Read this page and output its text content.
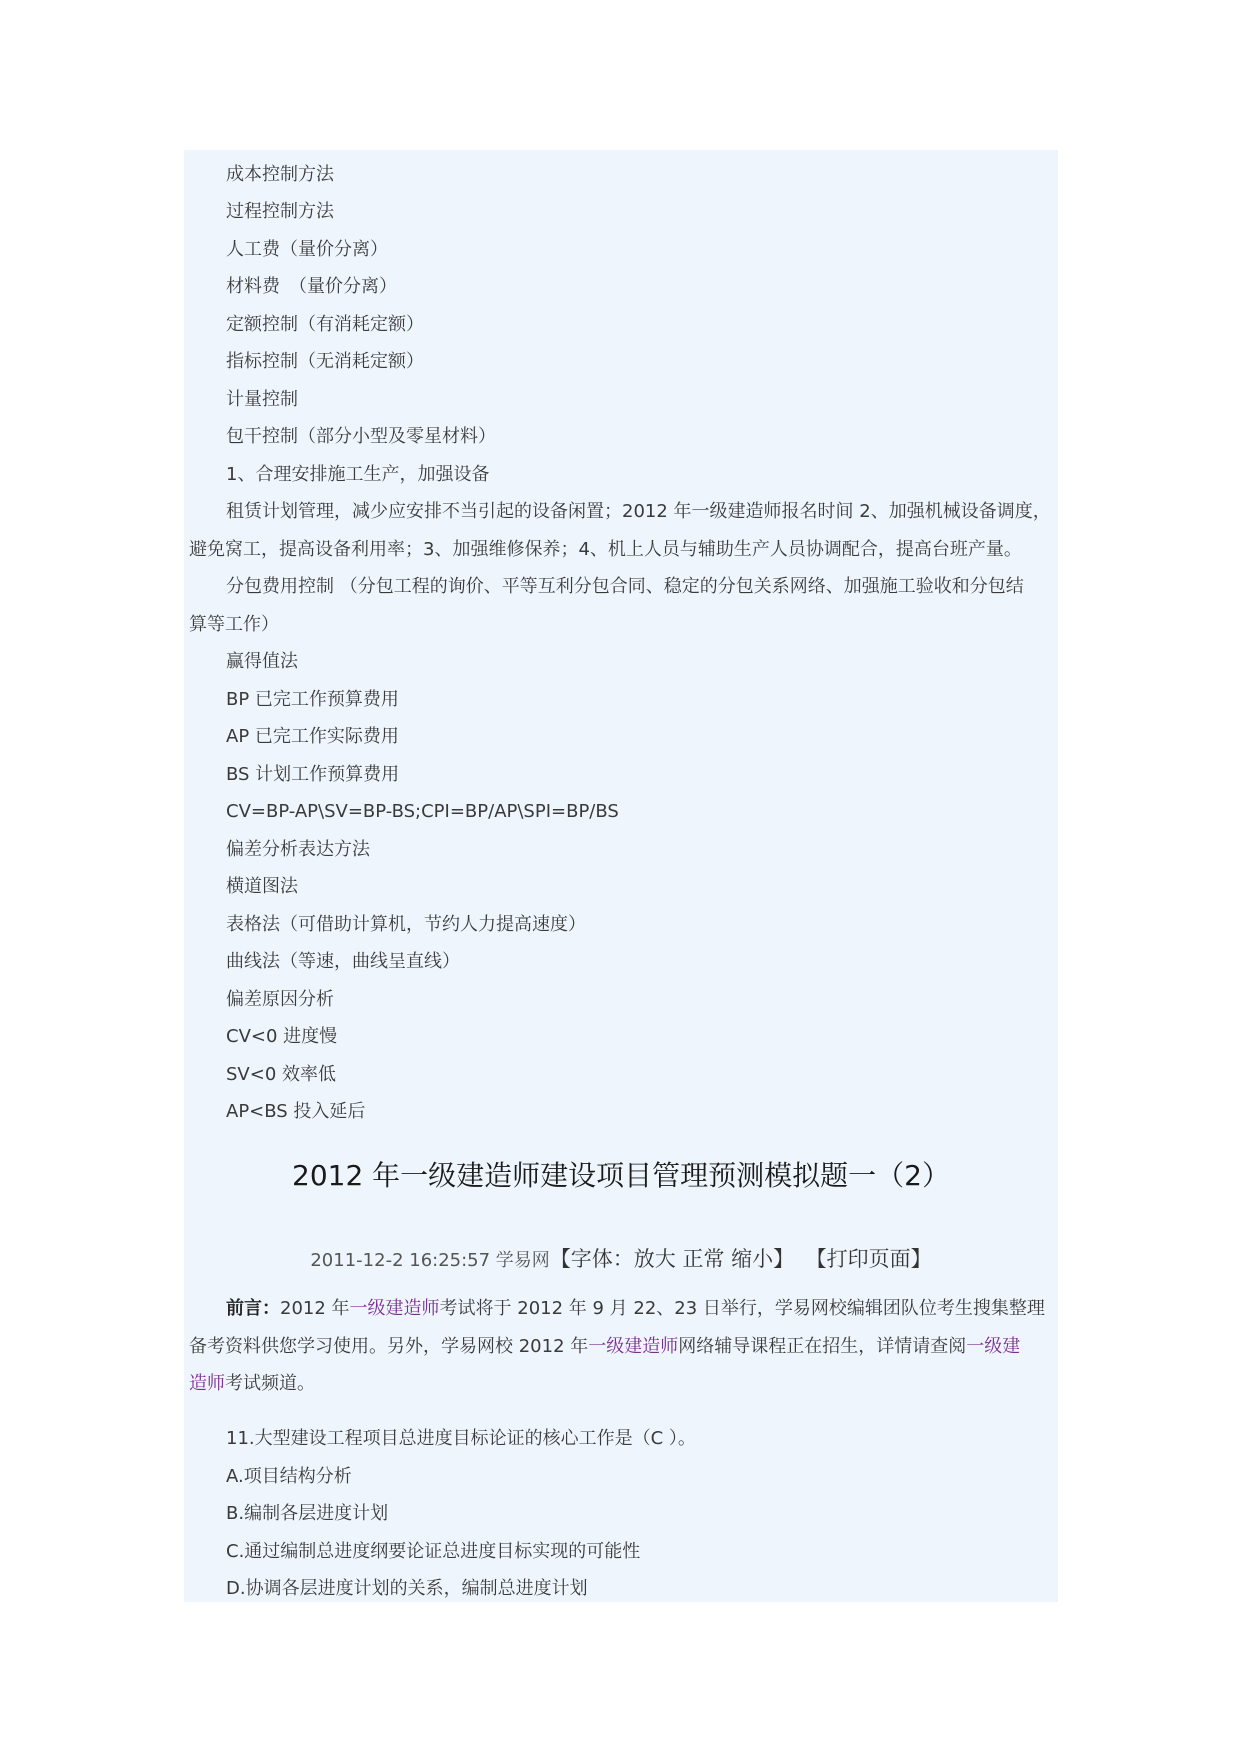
成本控制方法
过程控制方法
人工费（量价分离）
材料费　（量价分离）
定额控制（有消耗定额）
指标控制（无消耗定额）
计量控制
包干控制（部分小型及零星材料）
1、合理安排施工生产，加强设备
租赁计划管理，减少应安排不当引起的设备闲置；2012 年一级建造师报名时间 2、加强机械设备调度，
避免窝工，提高设备利用率；3、加强维修保养；4、机上人员与辅助生产人员协调配合，提高台班产量。
分包费用控制 （分包工程的询价、平等互利分包合同、稳定的分包关系网络、加强施工验收和分包结
算等工作）
赢得值法
BP 已完工作预算费用
AP 已完工作实际费用
BS 计划工作预算费用
CV=BP-AP\SV=BP-BS;CPI=BP/AP\SPI=BP/BS
偏差分析表达方法
横道图法
表格法（可借助计算机，节约人力提高速度）
曲线法（等速，曲线呈直线）
偏差原因分析
CV<0 进度慢
SV<0 效率低
AP<BS 投入延后
2012 年一级建造师建设项目管理预测模拟题一（2）
2011-12-2 16:25:57 学易网【字体：放大 正常 缩小】 【打印页面】
前言：2012 年一级建造师考试将于 2012 年 9 月 22、23 日举行，学易网校编辑团队位考生搜集整理
备考资料供您学习使用。另外，学易网校 2012 年一级建造师网络辅导课程正在招生，详情请查阅一级建
造师考试频道。
11.大型建设工程项目总进度目标论证的核心工作是（C ）。
A.项目结构分析
B.编制各层进度计划
C.通过编制总进度纲要论证总进度目标实现的可能性
D.协调各层进度计划的关系，编制总进度计划
